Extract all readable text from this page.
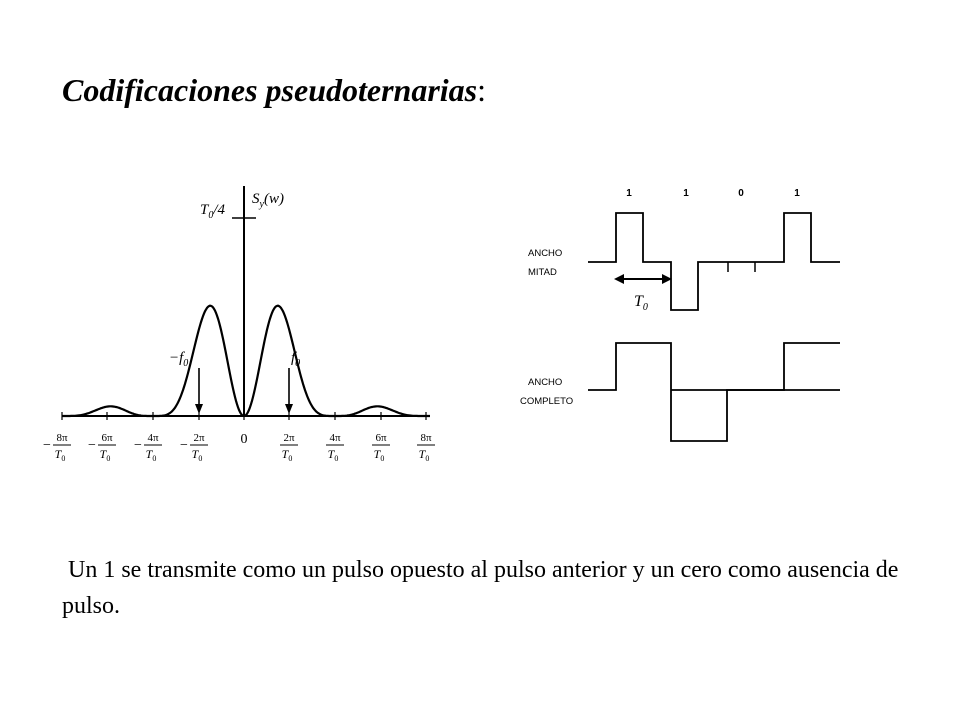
Codificaciones pseudoternarias:
$T_0/4$
$S_y(w)$
$-f_0$	$f_0$
− 8π
$T_0$
− 6π
$T_0$
− 4π
$T_0$
− 2π
$T_0$
0	2π
$T_0$
4π
$T_0$
6π
$T_0$
8π
$T_0$
1	1	0	1
ANCHO
MITAD
$T_0$
ANCHO
COMPLETO
Un 1 se transmite como un pulso opuesto al pulso anterior y un cero como ausencia de pulso.
